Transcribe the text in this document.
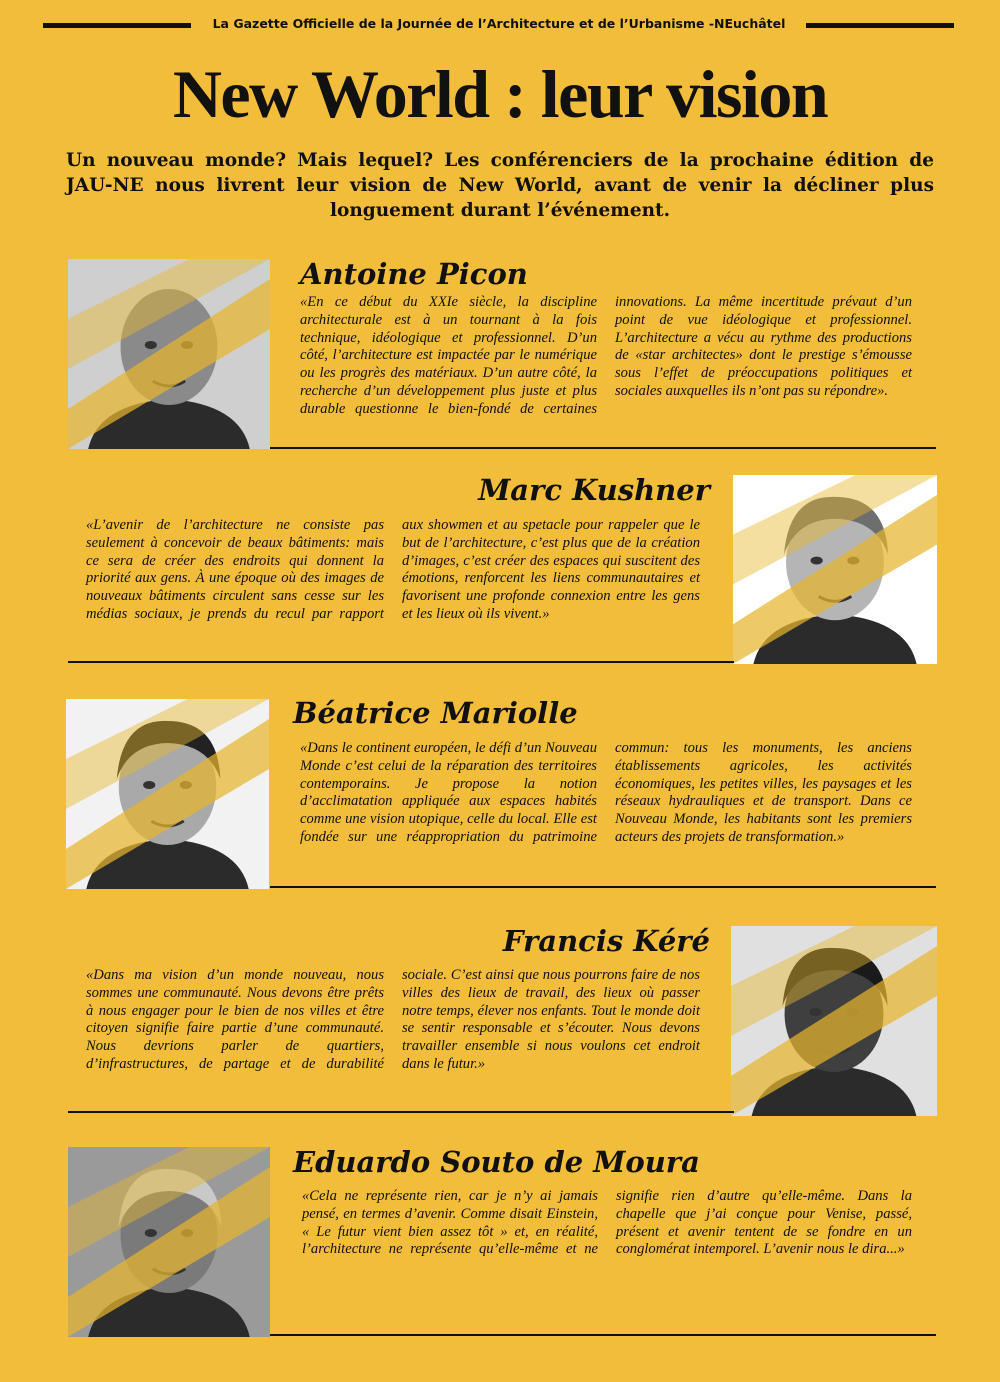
La Gazette Officielle de la Journée de l’Architecture et de l’Urbanisme -NEuchâtel
New World : leur vision
Un nouveau monde? Mais lequel? Les conférenciers de la prochaine édition de JAU-NE nous livrent leur vision de New World, avant de venir la décliner plus longuement durant l’événement.
Antoine Picon
«En ce début du XXIe siècle, la discipline architecturale est à un tournant à la fois technique, idéologique et professionnel. D’un côté, l’architecture est impactée par le numérique ou les progrès des matériaux. D’un autre côté, la recherche d’un développement plus juste et plus durable questionne le bien-fondé de certaines innovations. La même incertitude prévaut d’un point de vue idéologique et professionnel. L’architecture a vécu au rythme des productions de «star architectes» dont le prestige s’émousse sous l’effet de préoccupations politiques et sociales auxquelles ils n’ont pas su répondre».
Marc Kushner
«L’avenir de l’architecture ne consiste pas seulement à concevoir de beaux bâtiments: mais ce sera de créer des endroits qui donnent la priorité aux gens. À une époque où des images de nouveaux bâtiments circulent sans cesse sur les médias sociaux, je prends du recul par rapport aux showmen et au spetacle pour rappeler que le but de l’architecture, c’est plus que de la création d’images, c’est créer des espaces qui suscitent des émotions, renforcent les liens communautaires et favorisent une profonde connexion entre les gens et les lieux où ils vivent.»
Béatrice Mariolle
«Dans le continent européen, le défi d’un Nouveau Monde c’est celui de la réparation des territoires contemporains. Je propose la notion d’acclimatation appliquée aux espaces habités comme une vision utopique, celle du local. Elle est fondée sur une réappropriation du patrimoine commun: tous les monuments, les anciens établissements agricoles, les activités économiques, les petites villes, les paysages et les réseaux hydrauliques et de transport. Dans ce Nouveau Monde, les habitants sont les premiers acteurs des projets de transformation.»
Francis Kéré
«Dans ma vision d’un monde nouveau, nous sommes une communauté. Nous devons être prêts à nous engager pour le bien de nos villes et être citoyen signifie faire partie d’une communauté. Nous devrions parler de quartiers, d’infrastructures, de partage et de durabilité sociale. C’est ainsi que nous pourrons faire de nos villes des lieux de travail, des lieux où passer notre temps, élever nos enfants. Tout le monde doit se sentir responsable et s’écouter. Nous devons travailler ensemble si nous voulons cet endroit dans le futur.»
Eduardo Souto de Moura
«Cela ne représente rien, car je n’y ai jamais pensé, en termes d’avenir. Comme disait Einstein, « Le futur vient bien assez tôt » et, en réalité, l’architecture ne représente qu’elle-même et ne signifie rien d’autre qu’elle-même. Dans la chapelle que j’ai conçue pour Venise, passé, présent et avenir tentent de se fondre en un conglomérat intemporel. L’avenir nous le dira...»
